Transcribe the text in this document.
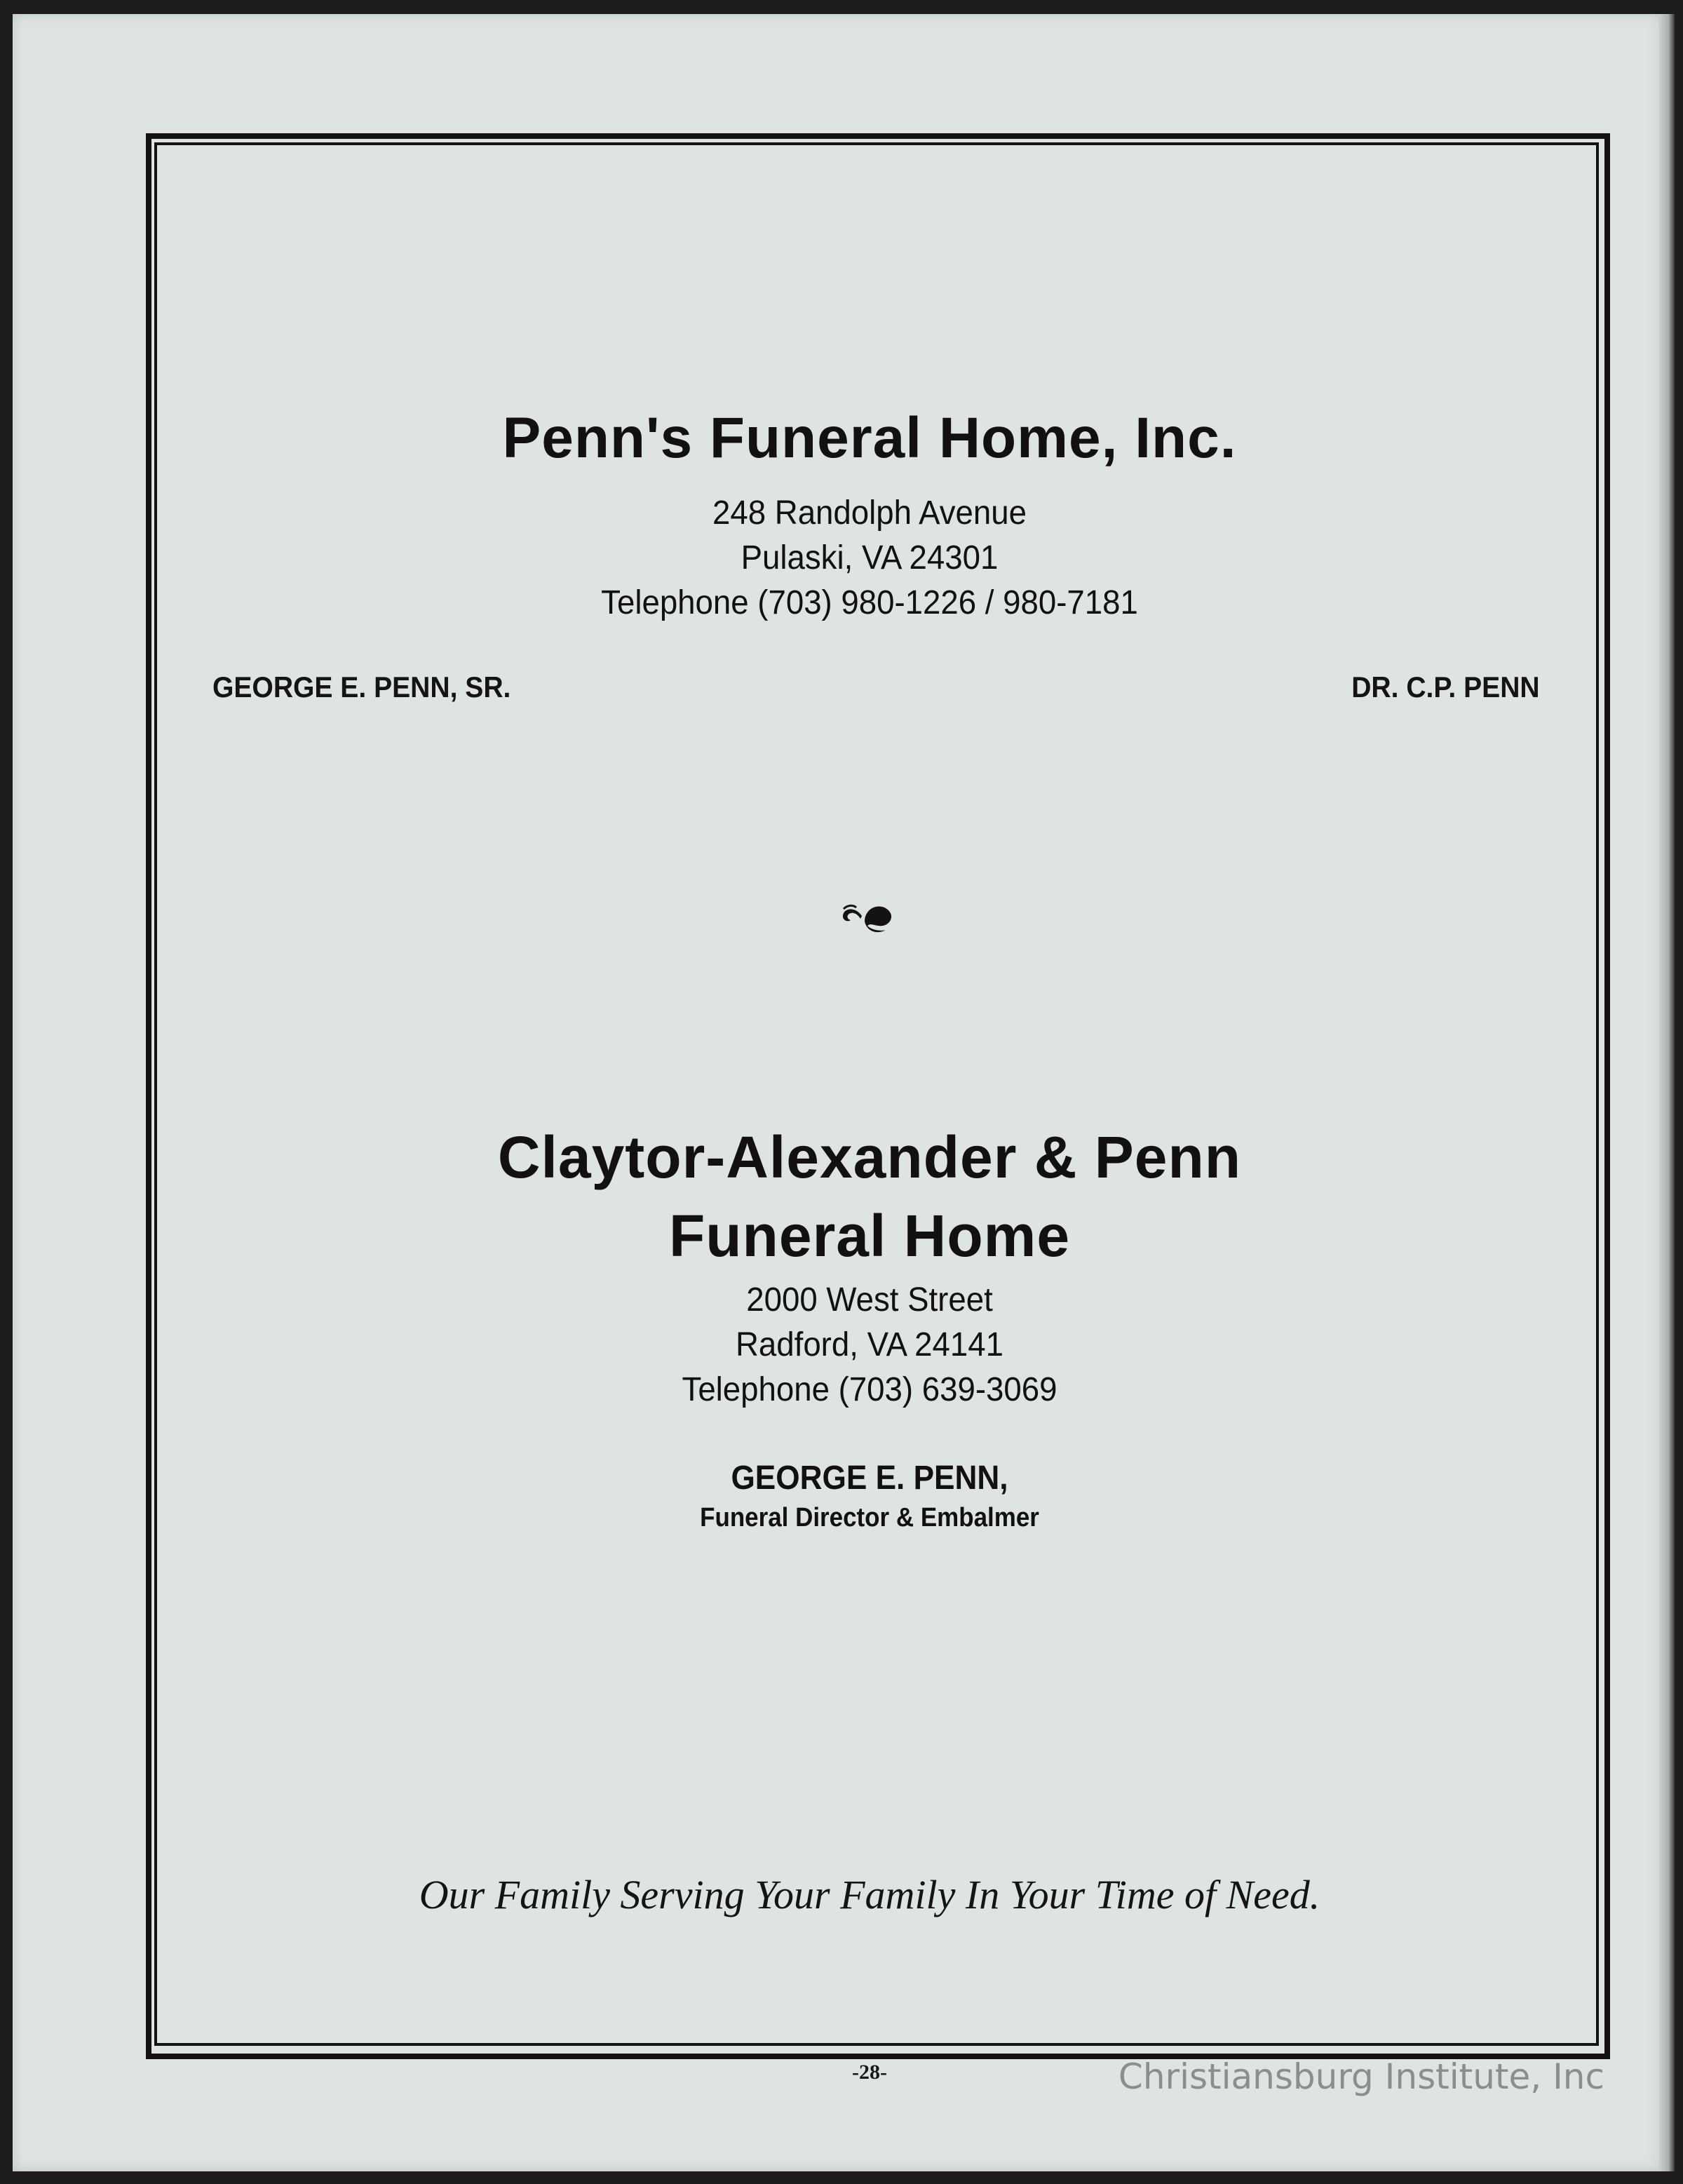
Penn's Funeral Home, Inc.
248 Randolph Avenue
Pulaski, VA 24301
Telephone (703) 980-1226 / 980-7181
GEORGE E. PENN, SR.	DR. C.P. PENN
Claytor-Alexander & Penn
Funeral Home
2000 West Street
Radford, VA 24141
Telephone (703) 639-3069
GEORGE E. PENN,
Funeral Director & Embalmer
Our Family Serving Your Family In Your Time of Need.
-28-	Christiansburg Institute, Inc
